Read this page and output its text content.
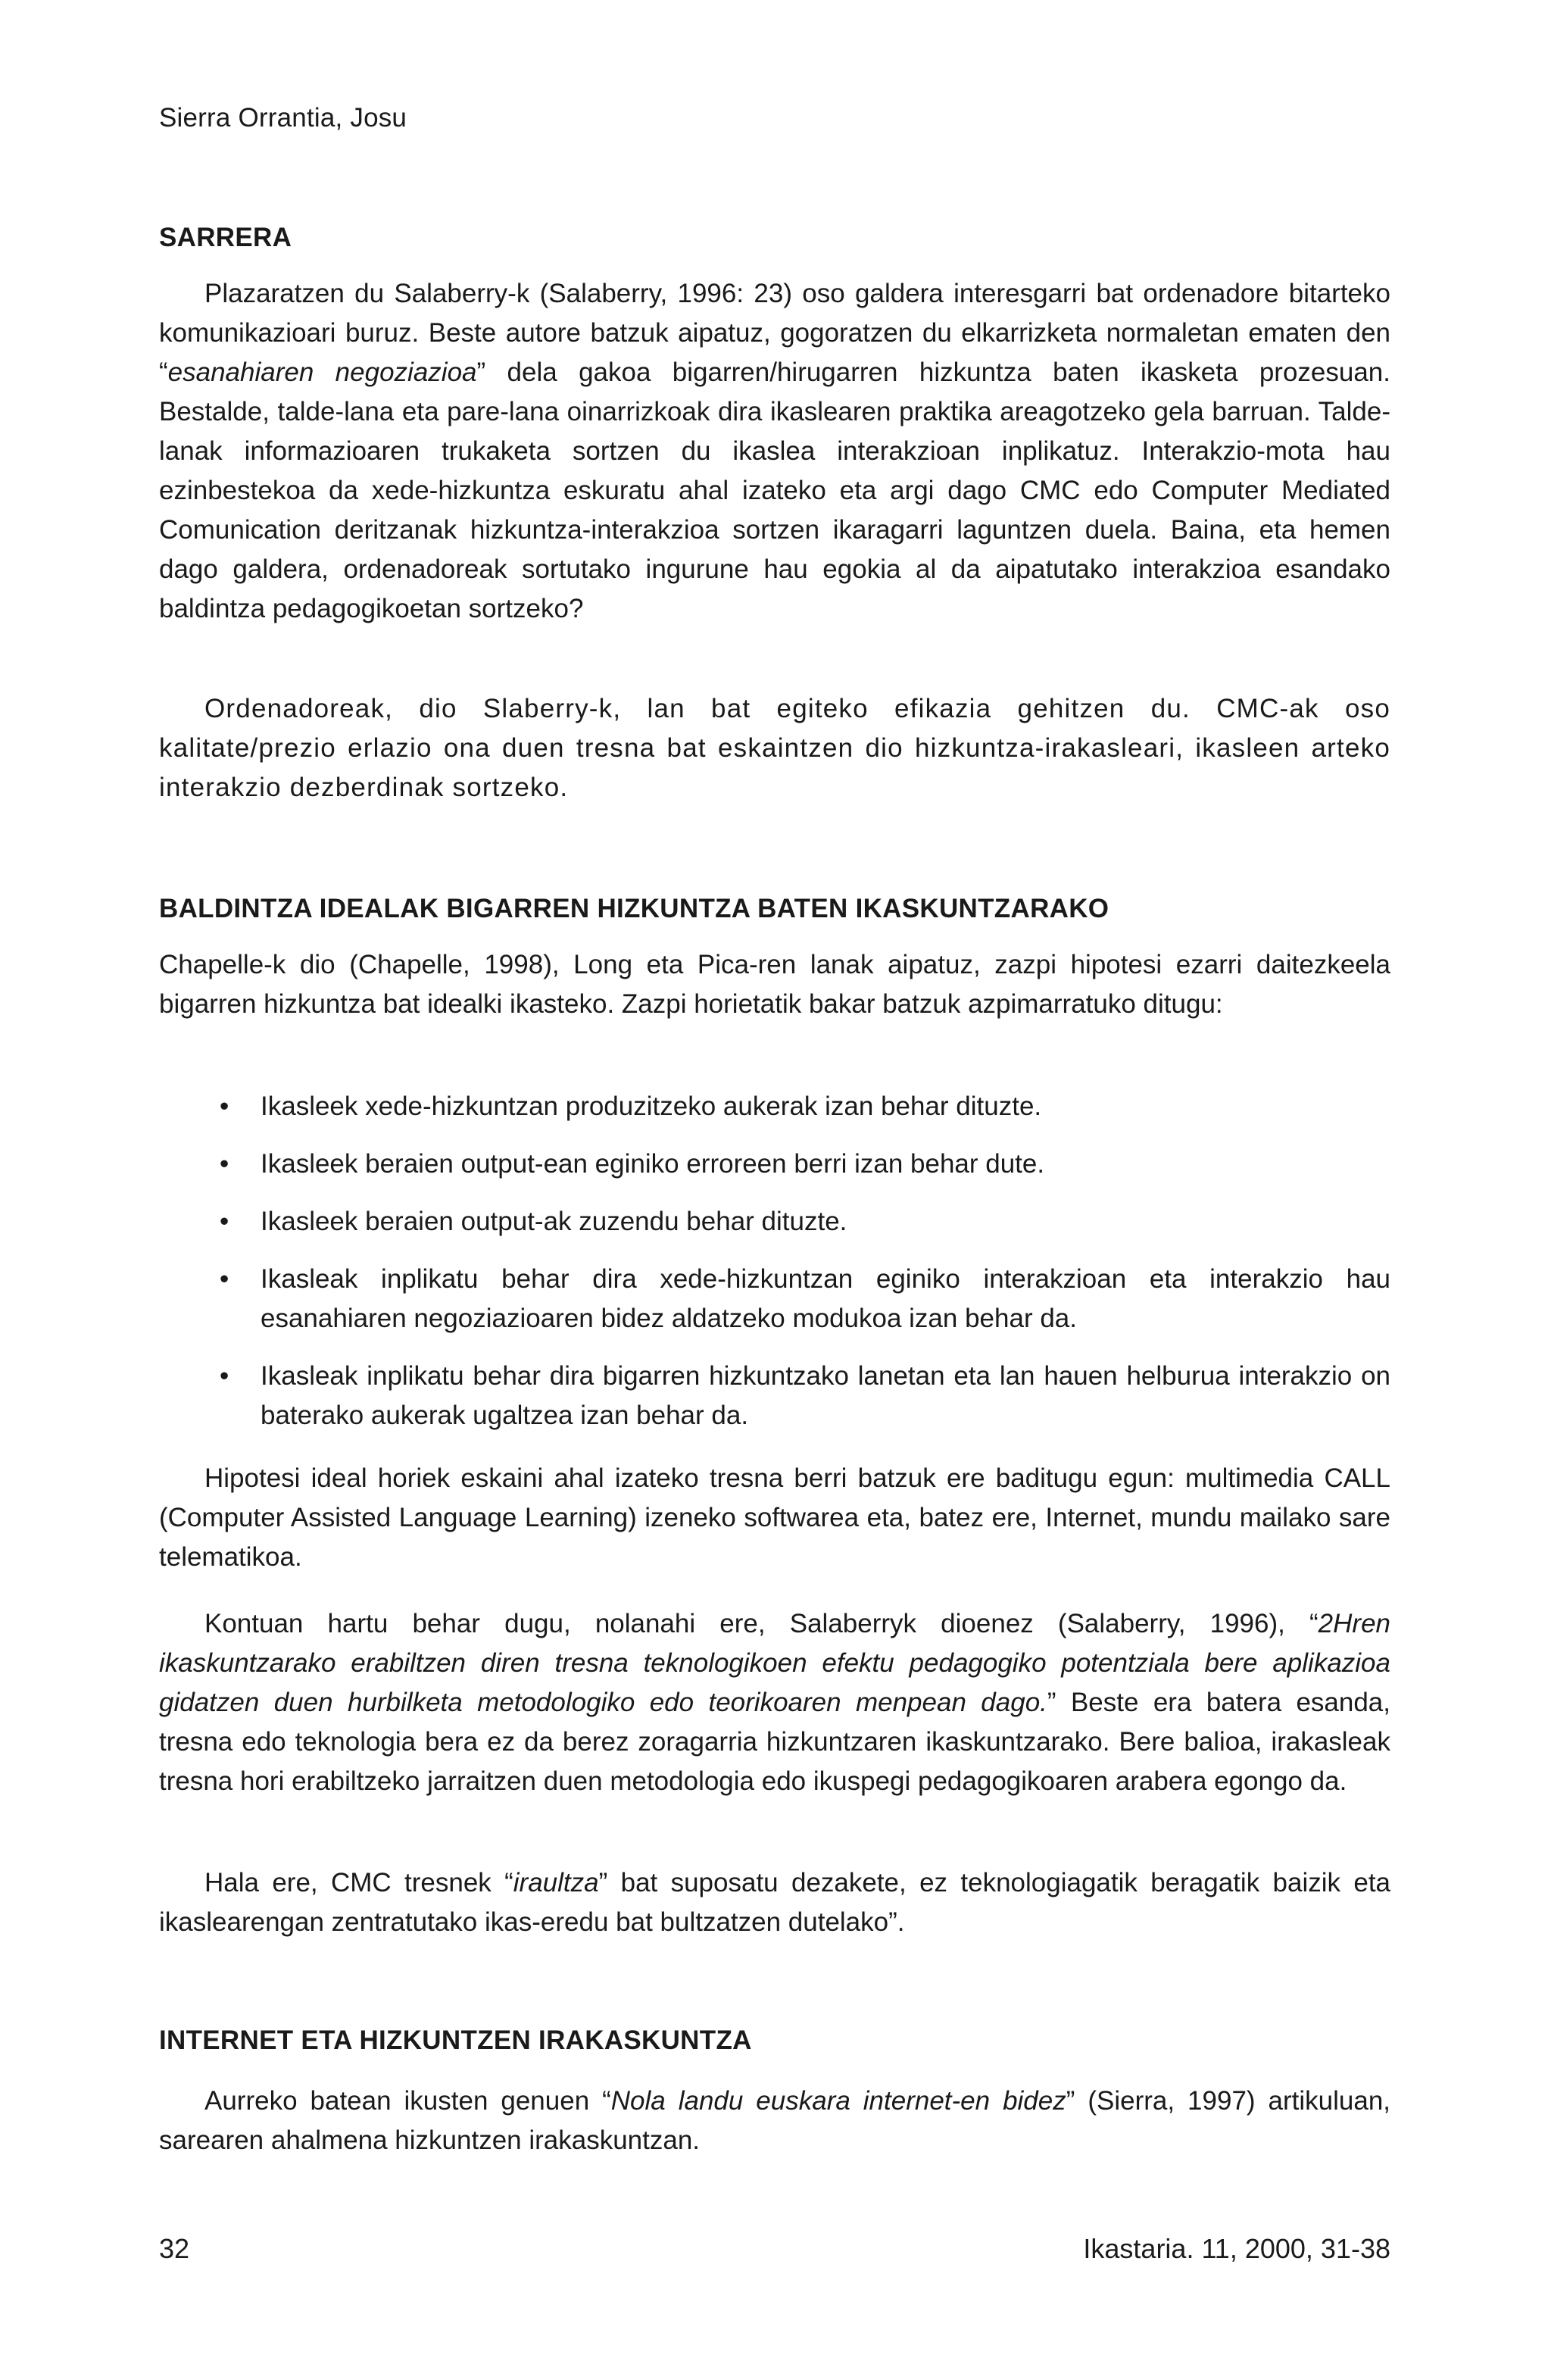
Sierra Orrantia, Josu
SARRERA

Plazaratzen du Salaberry-k (Salaberry, 1996: 23) oso galdera interesgarri bat ordenadore bitarteko komunikazioari buruz. Beste autore batzuk aipatuz, gogoratzen du elkarrizketa normaletan ematen den “esanahiaren negoziazioa” dela gakoa bigarren/hirugarren hizkuntza baten ikasketa prozesuan. Bestalde, talde-lana eta pare-lana oinarrizkoak dira ikaslearen praktika areagotzeko gela barruan. Talde-lanak informazioaren trukaketa sortzen du ikaslea interakzioan inplikatuz. Interakzio-mota hau ezinbestekoa da xede-hizkuntza eskuratu ahal izateko eta argi dago CMC edo Computer Mediated Comunication deritzanak hizkuntza-interakzioa sortzen ikaragarri laguntzen duela. Baina, eta hemen dago galdera, ordenadoreak sortutako ingurune hau egokia al da aipatutako interakzioa esandako baldintza pedagogikoetan sortzeko?

Ordenadoreak, dio Slaberry-k, lan bat egiteko efikazia gehitzen du. CMC-ak oso kalitate/prezio erlazio ona duen tresna bat eskaintzen dio hizkuntza-irakasleari, ikasleen arteko interakzio dezberdinak sortzeko.

BALDINTZA IDEALAK BIGARREN HIZKUNTZA BATEN IKASKUNTZARAKO

Chapelle-k dio (Chapelle, 1998), Long eta Pica-ren lanak aipatuz, zazpi hipotesi ezarri daitezkeela bigarren hizkuntza bat idealki ikasteko. Zazpi horietatik bakar batzuk azpimarratuko ditugu:

• Ikasleek xede-hizkuntzan produzitzeko aukerak izan behar dituzte.
• Ikasleek beraien output-ean eginiko erroreen berri izan behar dute.
• Ikasleek beraien output-ak zuzendu behar dituzte.
• Ikasleak inplikatu behar dira xede-hizkuntzan eginiko interakzioan eta interakzio hau esanahiaren negoziazioaren bidez aldatzeko modukoa izan behar da.
• Ikasleak inplikatu behar dira bigarren hizkuntzako lanetan eta lan hauen helburua interakzio on baterako aukerak ugaltzea izan behar da.

Hipotesi ideal horiek eskaini ahal izateko tresna berri batzuk ere baditugu egun: multimedia CALL (Computer Assisted Language Learning) izeneko softwarea eta, batez ere, Internet, mundu mailako sare telematikoa.

Kontuan hartu behar dugu, nolanahi ere, Salaberryk dioenez (Salaberry, 1996), “2Hren ikaskuntzarako erabiltzen diren tresna teknologikoen efektu pedagogiko potentziala bere aplikazioa gidatzen duen hurbilketa metodologiko edo teorikoaren menpean dago.” Beste era batera esanda, tresna edo teknologia bera ez da berez zoragarria hizkuntzaren ikaskuntzarako. Bere balioa, irakasleak tresna hori erabiltzeko jarraitzen duen metodologia edo ikuspegi pedagogikoaren arabera egongo da.

Hala ere, CMC tresnek “iraultza” bat suposatu dezakete, ez teknologiagatik beragatik baizik eta ikaslearengan zentratutako ikas-eredu bat bultzatzen dutelako”.

INTERNET ETA HIZKUNTZEN IRAKASKUNTZA

Aurreko batean ikusten genuen “Nola landu euskara internet-en bidez” (Sierra, 1997) artikuluan, sarearen ahalmena hizkuntzen irakaskuntzan.

32	Ikastaria. 11, 2000, 31-38
